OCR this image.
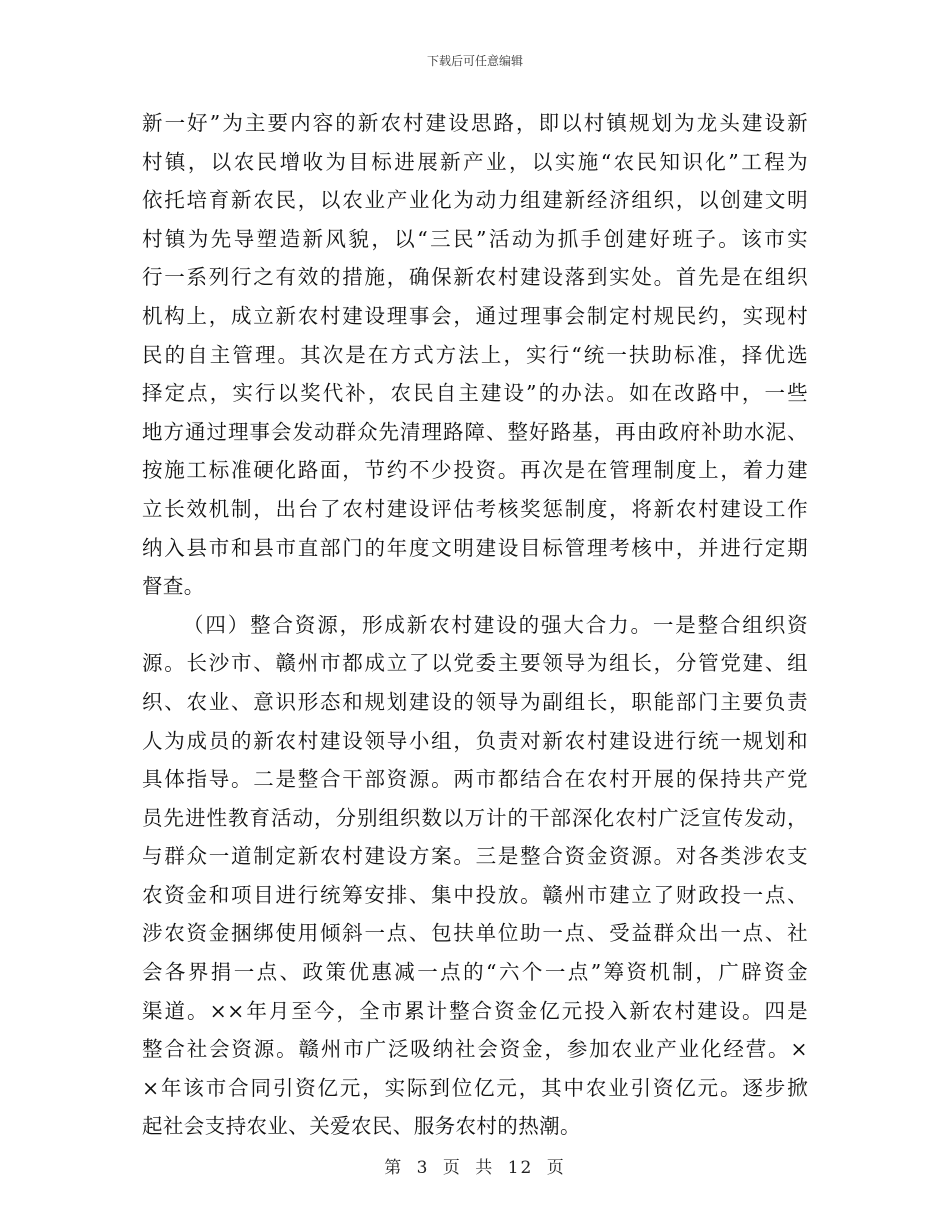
下载后可任意编辑
新一好”为主要内容的新农村建设思路，即以村镇规划为龙头建设新
村镇，以农民增收为目标进展新产业，以实施“农民知识化”工程为
依托培育新农民，以农业产业化为动力组建新经济组织，以创建文明
村镇为先导塑造新风貌，以“三民”活动为抓手创建好班子。该市实
行一系列行之有效的措施，确保新农村建设落到实处。首先是在组织
机构上，成立新农村建设理事会，通过理事会制定村规民约，实现村
民的自主管理。其次是在方式方法上，实行“统一扶助标准，择优选
择定点，实行以奖代补，农民自主建设”的办法。如在改路中，一些
地方通过理事会发动群众先清理路障、整好路基，再由政府补助水泥、
按施工标准硬化路面，节约不少投资。再次是在管理制度上，着力建
立长效机制，出台了农村建设评估考核奖惩制度，将新农村建设工作
纳入县市和县市直部门的年度文明建设目标管理考核中，并进行定期
督查。
（四）整合资源，形成新农村建设的强大合力。一是整合组织资
源。长沙市、赣州市都成立了以党委主要领导为组长，分管党建、组
织、农业、意识形态和规划建设的领导为副组长，职能部门主要负责
人为成员的新农村建设领导小组，负责对新农村建设进行统一规划和
具体指导。二是整合干部资源。两市都结合在农村开展的保持共产党
员先进性教育活动，分别组织数以万计的干部深化农村广泛宣传发动，
与群众一道制定新农村建设方案。三是整合资金资源。对各类涉农支
农资金和项目进行统筹安排、集中投放。赣州市建立了财政投一点、
涉农资金捆绑使用倾斜一点、包扶单位助一点、受益群众出一点、社
会各界捐一点、政策优惠减一点的“六个一点”筹资机制，广辟资金
渠道。××年月至今，全市累计整合资金亿元投入新农村建设。四是
整合社会资源。赣州市广泛吸纳社会资金，参加农业产业化经营。×
×年该市合同引资亿元，实际到位亿元，其中农业引资亿元。逐步掀
起社会支持农业、关爱农民、服务农村的热潮。
第 3 页 共 12 页
